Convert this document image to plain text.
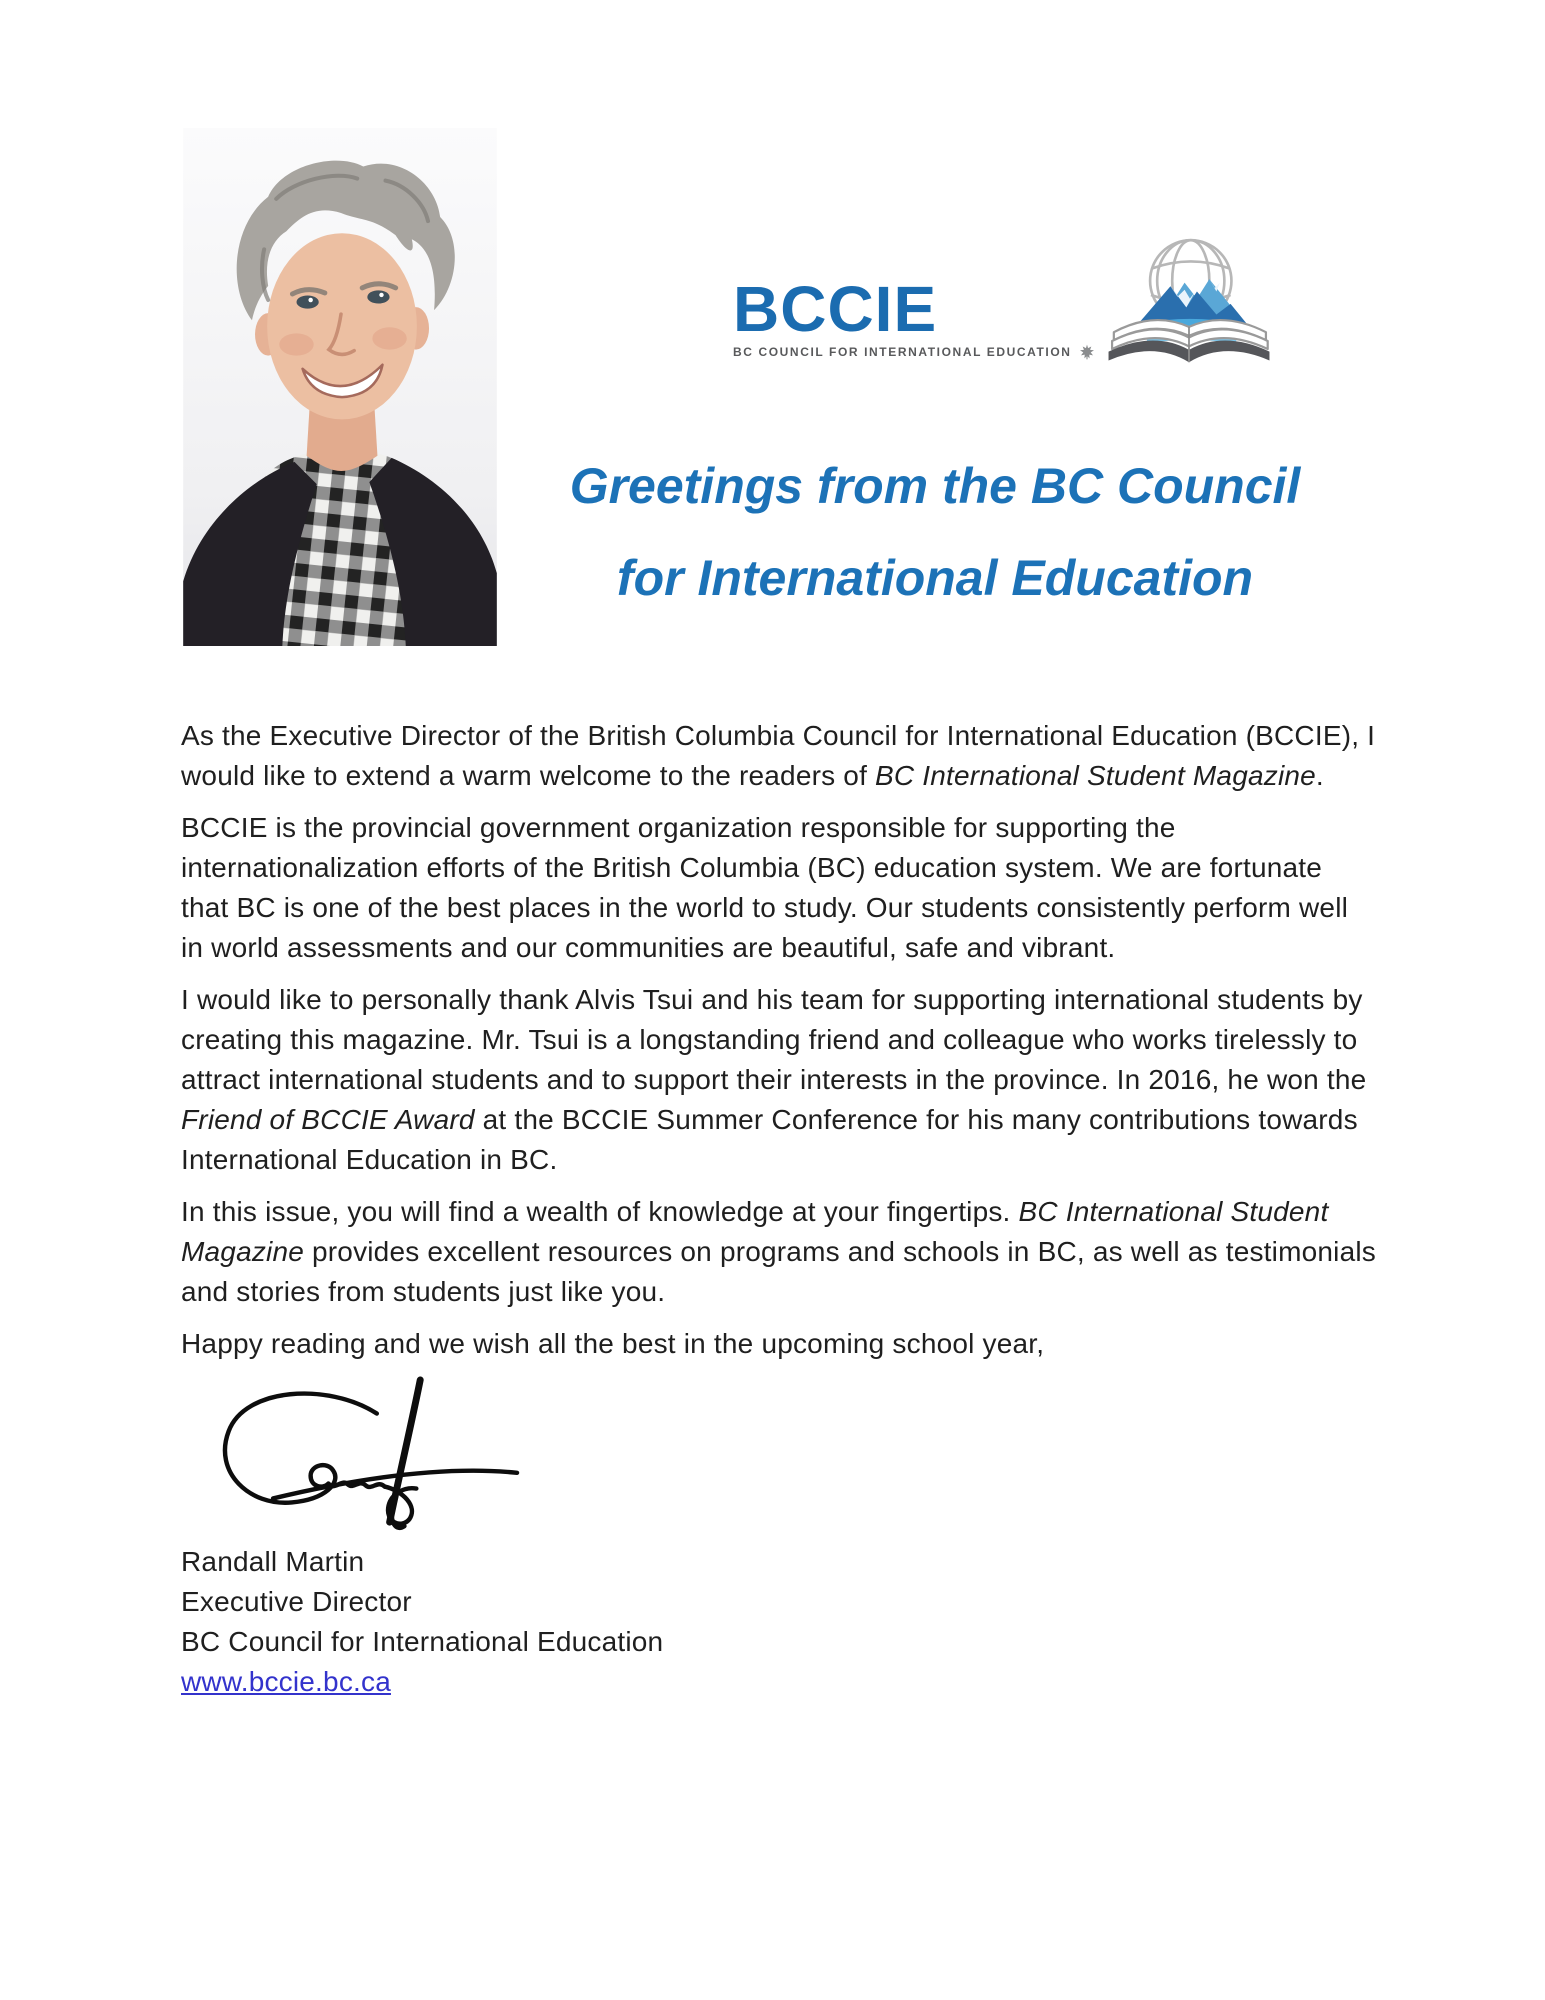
BCCIE
BC COUNCIL FOR INTERNATIONAL EDUCATION
Greetings from the BC Council
for International Education

As the Executive Director of the British Columbia Council for International Education (BCCIE), I would like to extend a warm welcome to the readers of BC International Student Magazine.

BCCIE is the provincial government organization responsible for supporting the internationalization efforts of the British Columbia (BC) education system. We are fortunate that BC is one of the best places in the world to study. Our students consistently perform well in world assessments and our communities are beautiful, safe and vibrant.

I would like to personally thank Alvis Tsui and his team for supporting international students by creating this magazine. Mr. Tsui is a longstanding friend and colleague who works tirelessly to attract international students and to support their interests in the province. In 2016, he won the Friend of BCCIE Award at the BCCIE Summer Conference for his many contributions towards International Education in BC.

In this issue, you will find a wealth of knowledge at your fingertips. BC International Student Magazine provides excellent resources on programs and schools in BC, as well as testimonials and stories from students just like you.

Happy reading and we wish all the best in the upcoming school year,

Randall Martin
Executive Director
BC Council for International Education
www.bccie.bc.ca
